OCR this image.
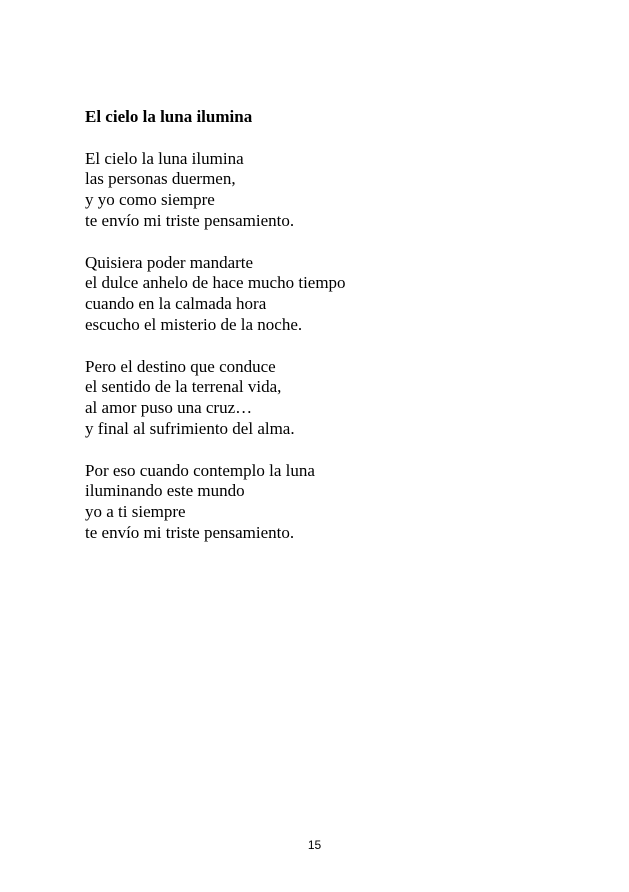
El cielo la luna ilumina
El cielo la luna ilumina
las personas duermen,
y yo como siempre
te envío mi triste pensamiento.
Quisiera poder mandarte
el dulce anhelo de hace mucho tiempo
cuando en la calmada hora
escucho el misterio de la noche.
Pero el destino que conduce
el sentido de la terrenal vida,
al amor puso una cruz…
y final al sufrimiento del alma.
Por eso cuando contemplo la luna
iluminando este mundo
yo a ti siempre
te envío mi triste pensamiento.
15
